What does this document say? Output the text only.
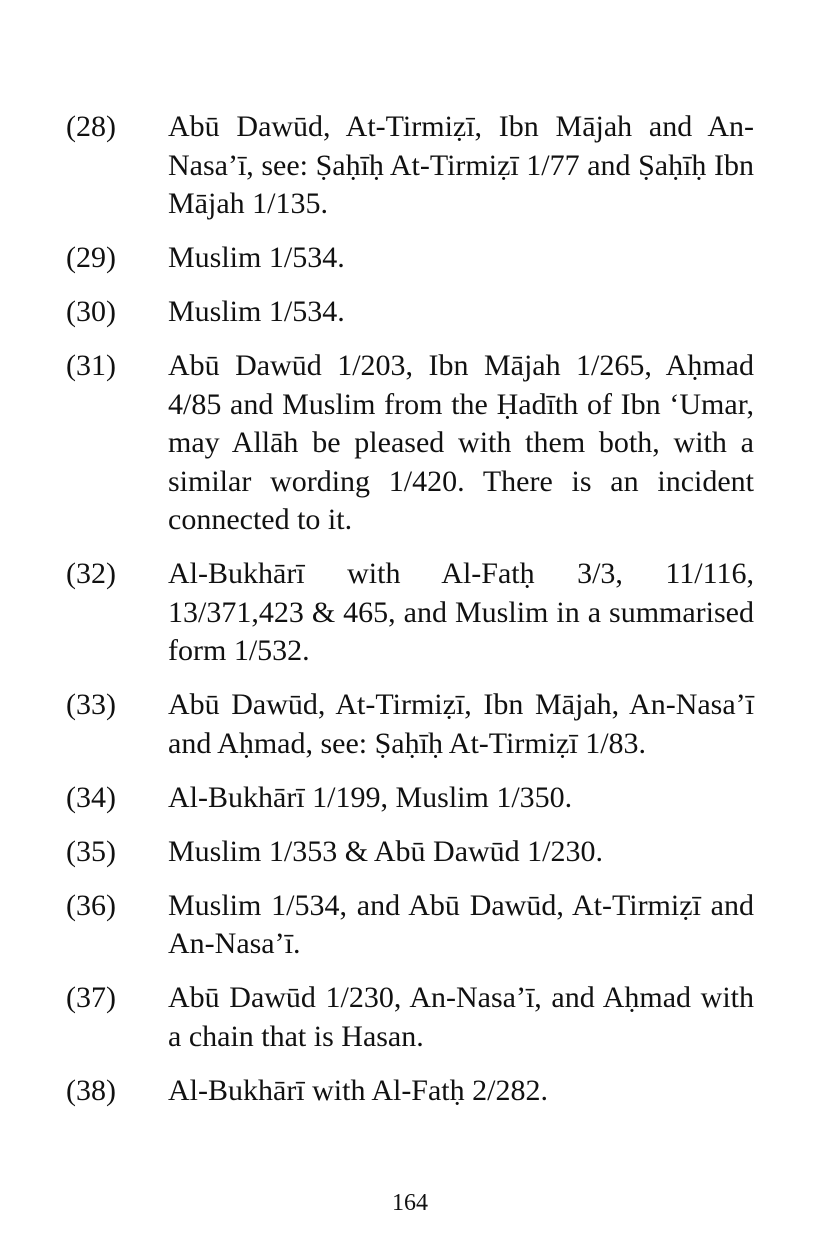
(28)	Abū Dawūd, At-Tirmiẓī, Ibn Mājah and An-Nasa’ī, see: Ṣaḥīḥ At-Tirmiẓī 1/77 and Ṣaḥīḥ Ibn Mājah 1/135.
(29)	Muslim 1/534.
(30)	Muslim 1/534.
(31)	Abū Dawūd 1/203, Ibn Mājah 1/265, Aḥmad 4/85 and Muslim from the Ḥadīth of Ibn ‘Umar, may Allāh be pleased with them both, with a similar wording 1/420. There is an incident connected to it.
(32)	Al-Bukhārī with Al-Fatḥ 3/3, 11/116, 13/371,423 & 465, and Muslim in a summarised form 1/532.
(33)	Abū Dawūd, At-Tirmiẓī, Ibn Mājah, An-Nasa’ī and Aḥmad, see: Ṣaḥīḥ At-Tirmiẓī 1/83.
(34)	Al-Bukhārī 1/199, Muslim 1/350.
(35)	Muslim 1/353 & Abū Dawūd 1/230.
(36)	Muslim 1/534, and Abū Dawūd, At-Tirmiẓī and An-Nasa’ī.
(37)	Abū Dawūd 1/230, An-Nasa’ī, and Aḥmad with a chain that is Hasan.
(38)	Al-Bukhārī with Al-Fatḥ 2/282.
164
